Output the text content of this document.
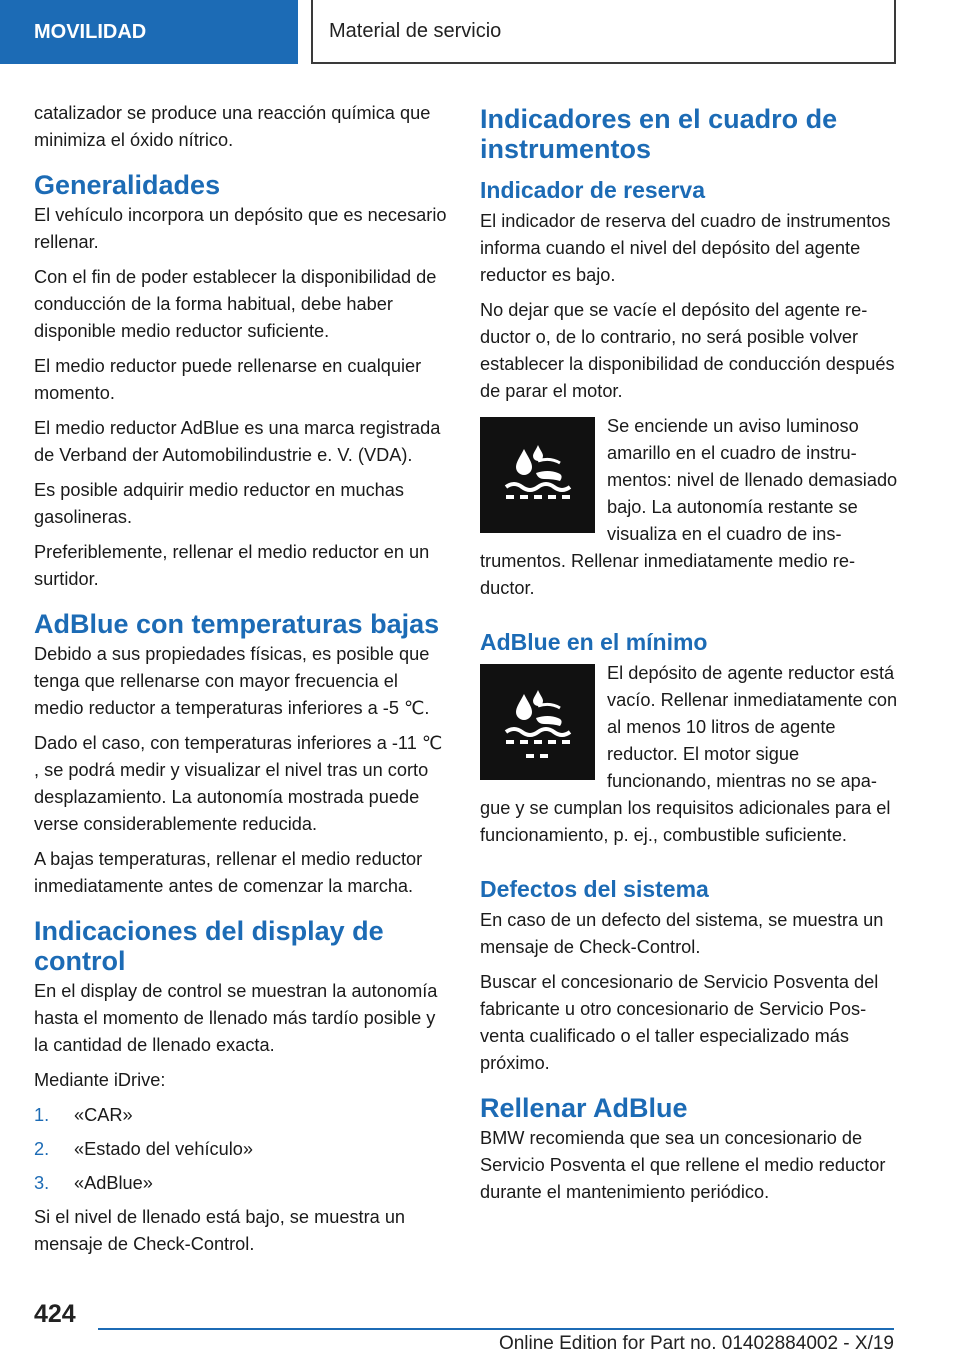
MOVILIDAD	Material de servicio

catalizador se produce una reacción química que minimiza el óxido nítrico.

Generalidades

El vehículo incorpora un depósito que es necesario rellenar.

Con el fin de poder establecer la disponibilidad de conducción de la forma habitual, debe haber disponible medio reductor suficiente.

El medio reductor puede rellenarse en cualquier momento.

El medio reductor AdBlue es una marca registrada de Verband der Automobilindustrie e. V. (VDA).

Es posible adquirir medio reductor en muchas gasolineras.

Preferiblemente, rellenar el medio reductor en un surtidor.

AdBlue con temperaturas bajas

Debido a sus propiedades físicas, es posible que tenga que rellenarse con mayor frecuencia el medio reductor a temperaturas inferiores a -5 ℃.

Dado el caso, con temperaturas inferiores a -11 ℃ , se podrá medir y visualizar el nivel tras un corto desplazamiento. La autonomía mostrada puede verse considerablemente reducida.

A bajas temperaturas, rellenar el medio reductor inmediatamente antes de comenzar la marcha.

Indicaciones del display de control

En el display de control se muestran la autonomía hasta el momento de llenado más tardío posible y la cantidad de llenado exacta.

Mediante iDrive:

1.	«CAR»
2.	«Estado del vehículo»
3.	«AdBlue»

Si el nivel de llenado está bajo, se muestra un mensaje de Check-Control.

Indicadores en el cuadro de instrumentos
Indicador de reserva

El indicador de reserva del cuadro de instrumentos informa cuando el nivel del depósito del agente reductor es bajo.

No dejar que se vacíe el depósito del agente reductor o, de lo contrario, no será posible volver establecer la disponibilidad de conducción después de parar el motor.

Se enciende un aviso luminoso amarillo en el cuadro de instrumentos: nivel de llenado demasiado bajo. La autonomía restante se visualiza en el cuadro de instrumentos. Rellenar inmediatamente medio reductor.

AdBlue en el mínimo

El depósito de agente reductor está vacío. Rellenar inmediatamente con al menos 10 litros de agente reductor. El motor sigue funcionando, mientras no se apague y se cumplan los requisitos adicionales para el funcionamiento, p. ej., combustible suficiente.

Defectos del sistema

En caso de un defecto del sistema, se muestra un mensaje de Check-Control.

Buscar el concesionario de Servicio Posventa del fabricante u otro concesionario de Servicio Posventa cualificado o el taller especializado más próximo.

Rellenar AdBlue

BMW recomienda que sea un concesionario de Servicio Posventa el que rellene el medio reductor durante el mantenimiento periódico.

424
Online Edition for Part no. 01402884002 - X/19
